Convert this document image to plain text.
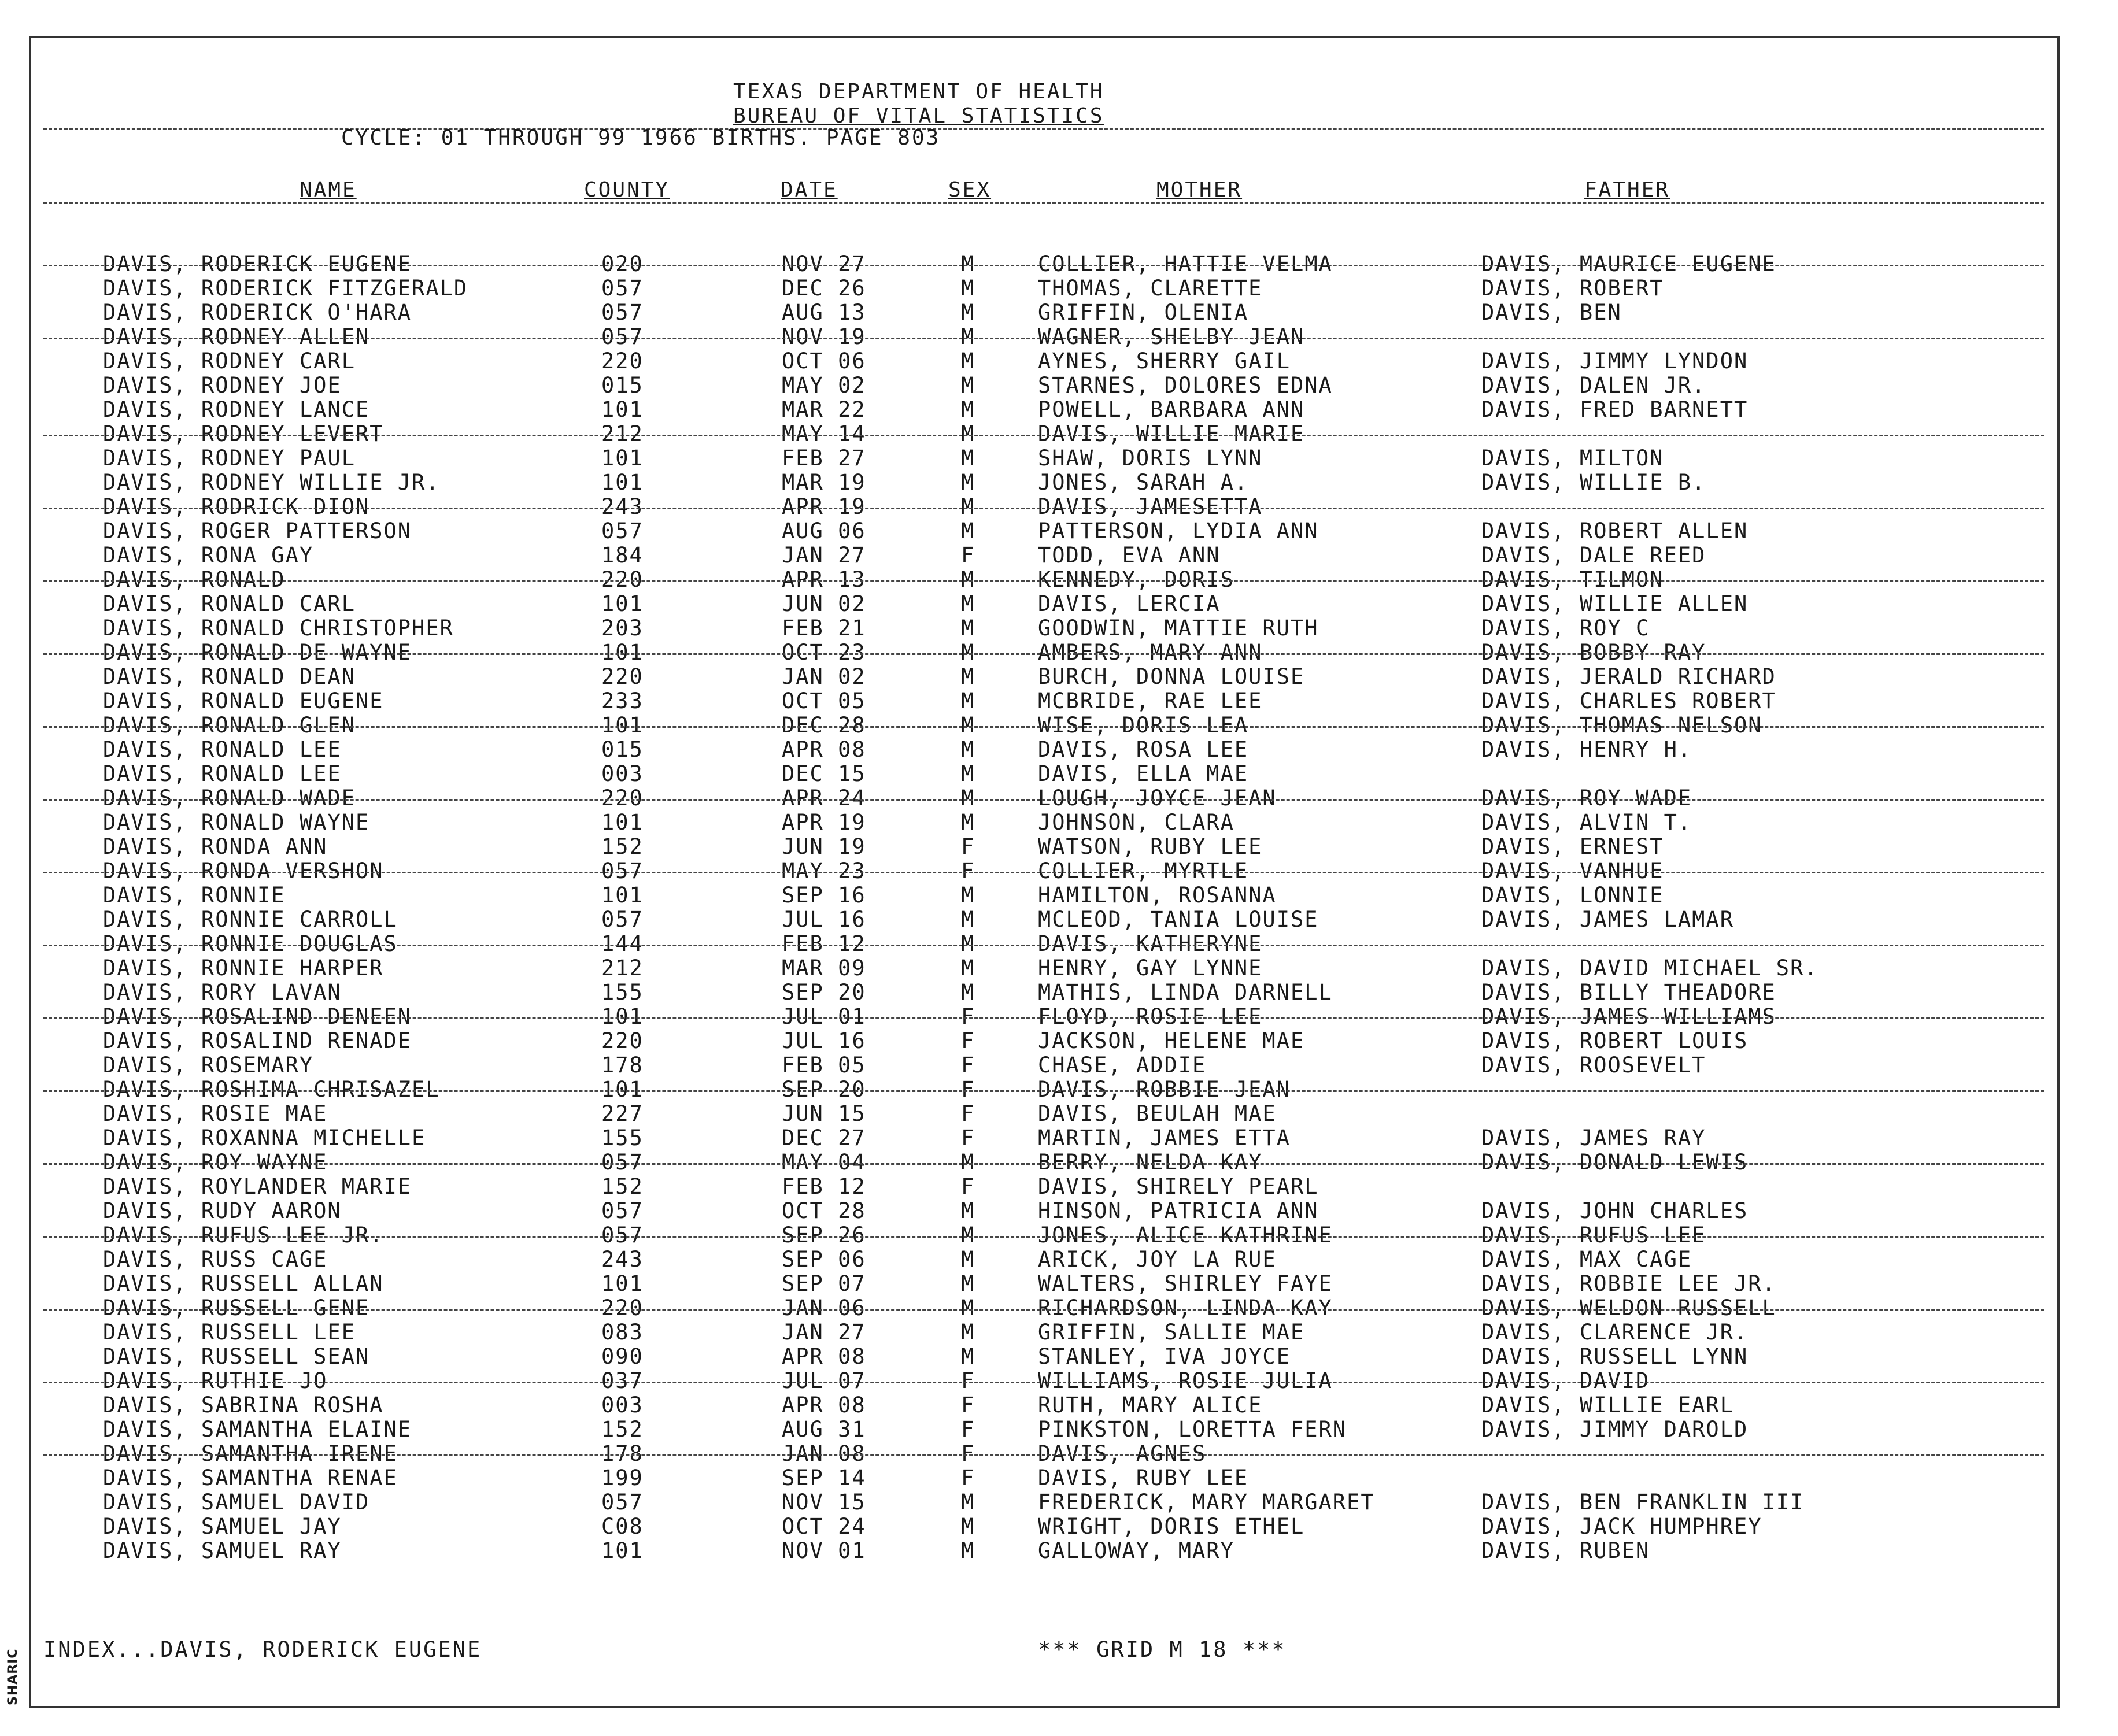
SHARIC
TEXAS DEPARTMENT OF HEALTH
BUREAU OF VITAL STATISTICS
CYCLE: 01 THROUGH 99 1966 BIRTHS. PAGE 803
NAME	COUNTY	DATE	SEX	MOTHER	FATHER
DAVIS, RODERICK EUGENE	020	NOV 27	M	COLLIER, HATTIE VELMA	DAVIS, MAURICE EUGENE
DAVIS, RODERICK FITZGERALD	057	DEC 26	M	THOMAS, CLARETTE	DAVIS, ROBERT
DAVIS, RODERICK O'HARA	057	AUG 13	M	GRIFFIN, OLENIA	DAVIS, BEN
DAVIS, RODNEY ALLEN	057	NOV 19	M	WAGNER, SHELBY JEAN
DAVIS, RODNEY CARL	220	OCT 06	M	AYNES, SHERRY GAIL	DAVIS, JIMMY LYNDON
DAVIS, RODNEY JOE	015	MAY 02	M	STARNES, DOLORES EDNA	DAVIS, DALEN JR.
DAVIS, RODNEY LANCE	101	MAR 22	M	POWELL, BARBARA ANN	DAVIS, FRED BARNETT
DAVIS, RODNEY LEVERT	212	MAY 14	M	DAVIS, WILLIE MARIE
DAVIS, RODNEY PAUL	101	FEB 27	M	SHAW, DORIS LYNN	DAVIS, MILTON
DAVIS, RODNEY WILLIE JR.	101	MAR 19	M	JONES, SARAH A.	DAVIS, WILLIE B.
DAVIS, RODRICK DION	243	APR 19	M	DAVIS, JAMESETTA
DAVIS, ROGER PATTERSON	057	AUG 06	M	PATTERSON, LYDIA ANN	DAVIS, ROBERT ALLEN
DAVIS, RONA GAY	184	JAN 27	F	TODD, EVA ANN	DAVIS, DALE REED
DAVIS, RONALD	220	APR 13	M	KENNEDY, DORIS	DAVIS, TILMON
DAVIS, RONALD CARL	101	JUN 02	M	DAVIS, LERCIA	DAVIS, WILLIE ALLEN
DAVIS, RONALD CHRISTOPHER	203	FEB 21	M	GOODWIN, MATTIE RUTH	DAVIS, ROY C
DAVIS, RONALD DE WAYNE	101	OCT 23	M	AMBERS, MARY ANN	DAVIS, BOBBY RAY
DAVIS, RONALD DEAN	220	JAN 02	M	BURCH, DONNA LOUISE	DAVIS, JERALD RICHARD
DAVIS, RONALD EUGENE	233	OCT 05	M	MCBRIDE, RAE LEE	DAVIS, CHARLES ROBERT
DAVIS, RONALD GLEN	101	DEC 28	M	WISE, DORIS LEA	DAVIS, THOMAS NELSON
DAVIS, RONALD LEE	015	APR 08	M	DAVIS, ROSA LEE	DAVIS, HENRY H.
DAVIS, RONALD LEE	003	DEC 15	M	DAVIS, ELLA MAE
DAVIS, RONALD WADE	220	APR 24	M	LOUGH, JOYCE JEAN	DAVIS, ROY WADE
DAVIS, RONALD WAYNE	101	APR 19	M	JOHNSON, CLARA	DAVIS, ALVIN T.
DAVIS, RONDA ANN	152	JUN 19	F	WATSON, RUBY LEE	DAVIS, ERNEST
DAVIS, RONDA VERSHON	057	MAY 23	F	COLLIER, MYRTLE	DAVIS, VANHUE
DAVIS, RONNIE	101	SEP 16	M	HAMILTON, ROSANNA	DAVIS, LONNIE
DAVIS, RONNIE CARROLL	057	JUL 16	M	MCLEOD, TANIA LOUISE	DAVIS, JAMES LAMAR
DAVIS, RONNIE DOUGLAS	144	FEB 12	M	DAVIS, KATHERYNE
DAVIS, RONNIE HARPER	212	MAR 09	M	HENRY, GAY LYNNE	DAVIS, DAVID MICHAEL SR.
DAVIS, RORY LAVAN	155	SEP 20	M	MATHIS, LINDA DARNELL	DAVIS, BILLY THEADORE
DAVIS, ROSALIND DENEEN	101	JUL 01	F	FLOYD, ROSIE LEE	DAVIS, JAMES WILLIAMS
DAVIS, ROSALIND RENADE	220	JUL 16	F	JACKSON, HELENE MAE	DAVIS, ROBERT LOUIS
DAVIS, ROSEMARY	178	FEB 05	F	CHASE, ADDIE	DAVIS, ROOSEVELT
DAVIS, ROSHIMA CHRISAZEL	101	SEP 20	F	DAVIS, ROBBIE JEAN
DAVIS, ROSIE MAE	227	JUN 15	F	DAVIS, BEULAH MAE
DAVIS, ROXANNA MICHELLE	155	DEC 27	F	MARTIN, JAMES ETTA	DAVIS, JAMES RAY
DAVIS, ROY WAYNE	057	MAY 04	M	BERRY, NELDA KAY	DAVIS, DONALD LEWIS
DAVIS, ROYLANDER MARIE	152	FEB 12	F	DAVIS, SHIRELY PEARL
DAVIS, RUDY AARON	057	OCT 28	M	HINSON, PATRICIA ANN	DAVIS, JOHN CHARLES
DAVIS, RUFUS LEE JR.	057	SEP 26	M	JONES, ALICE KATHRINE	DAVIS, RUFUS LEE
DAVIS, RUSS CAGE	243	SEP 06	M	ARICK, JOY LA RUE	DAVIS, MAX CAGE
DAVIS, RUSSELL ALLAN	101	SEP 07	M	WALTERS, SHIRLEY FAYE	DAVIS, ROBBIE LEE JR.
DAVIS, RUSSELL GENE	220	JAN 06	M	RICHARDSON, LINDA KAY	DAVIS, WELDON RUSSELL
DAVIS, RUSSELL LEE	083	JAN 27	M	GRIFFIN, SALLIE MAE	DAVIS, CLARENCE JR.
DAVIS, RUSSELL SEAN	090	APR 08	M	STANLEY, IVA JOYCE	DAVIS, RUSSELL LYNN
DAVIS, RUTHIE JO	037	JUL 07	F	WILLIAMS, ROSIE JULIA	DAVIS, DAVID
DAVIS, SABRINA ROSHA	003	APR 08	F	RUTH, MARY ALICE	DAVIS, WILLIE EARL
DAVIS, SAMANTHA ELAINE	152	AUG 31	F	PINKSTON, LORETTA FERN	DAVIS, JIMMY DAROLD
DAVIS, SAMANTHA IRENE	178	JAN 08	F	DAVIS, AGNES
DAVIS, SAMANTHA RENAE	199	SEP 14	F	DAVIS, RUBY LEE
DAVIS, SAMUEL DAVID	057	NOV 15	M	FREDERICK, MARY MARGARET	DAVIS, BEN FRANKLIN III
DAVIS, SAMUEL JAY	C08	OCT 24	M	WRIGHT, DORIS ETHEL	DAVIS, JACK HUMPHREY
DAVIS, SAMUEL RAY	101	NOV 01	M	GALLOWAY, MARY	DAVIS, RUBEN
INDEX...DAVIS, RODERICK EUGENE	*** GRID M 18 ***
